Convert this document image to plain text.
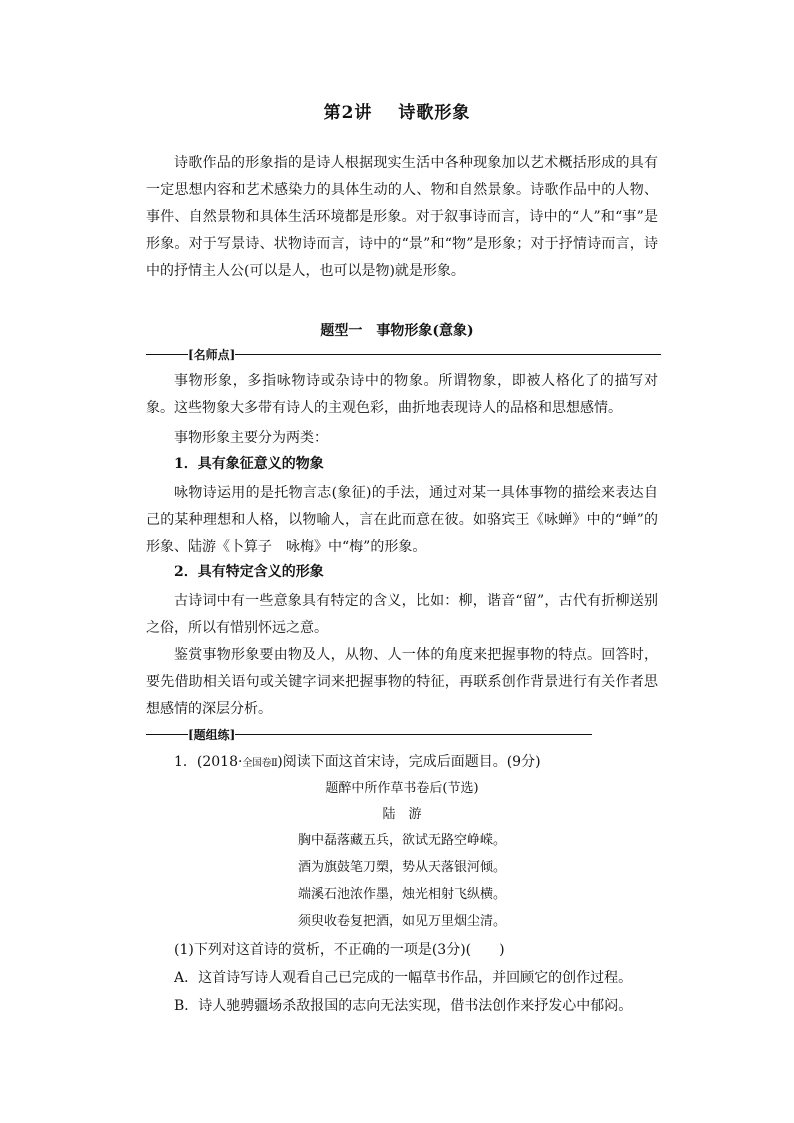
第2讲 诗歌形象
诗歌作品的形象指的是诗人根据现实生活中各种现象加以艺术概括形成的具有一定思想内容和艺术感染力的具体生动的人、物和自然景象。诗歌作品中的人物、事件、自然景物和具体生活环境都是形象。对于叙事诗而言，诗中的“人”和“事”是形象。对于写景诗、状物诗而言，诗中的“景”和“物”是形象；对于抒情诗而言，诗中的抒情主人公(可以是人，也可以是物)就是形象。
题型一 事物形象(意象)
[名师点]
事物形象，多指咏物诗或杂诗中的物象。所谓物象，即被人格化了的描写对象。这些物象大多带有诗人的主观色彩，曲折地表现诗人的品格和思想感情。
事物形象主要分为两类：
1．具有象征意义的物象
咏物诗运用的是托物言志(象征)的手法，通过对某一具体事物的描绘来表达自己的某种理想和人格，以物喻人，言在此而意在彼。如骆宾王《咏蝉》中的“蝉”的形象、陆游《卜算子　咏梅》中“梅”的形象。
2．具有特定含义的形象
古诗词中有一些意象具有特定的含义，比如：柳，谐音“留”，古代有折柳送别之俗，所以有惜别怀远之意。
鉴赏事物形象要由物及人，从物、人一体的角度来把握事物的特点。回答时，要先借助相关语句或关键字词来把握事物的特征，再联系创作背景进行有关作者思想感情的深层分析。
[题组练]
1．(2018·全国卷Ⅱ)阅读下面这首宋诗，完成后面题目。(9分)
题醉中所作草书卷后(节选)
陆　游
胸中磊落藏五兵，欲试无路空峥嵘。
酒为旗鼓笔刀槊，势从天落银河倾。
端溪石池浓作墨，烛光相射飞纵横。
须臾收卷复把酒，如见万里烟尘清。
(1)下列对这首诗的赏析，不正确的一项是(3分)(　　)
A．这首诗写诗人观看自己已完成的一幅草书作品，并回顾它的创作过程。
B．诗人驰骋疆场杀敌报国的志向无法实现，借书法创作来抒发心中郁闷。
